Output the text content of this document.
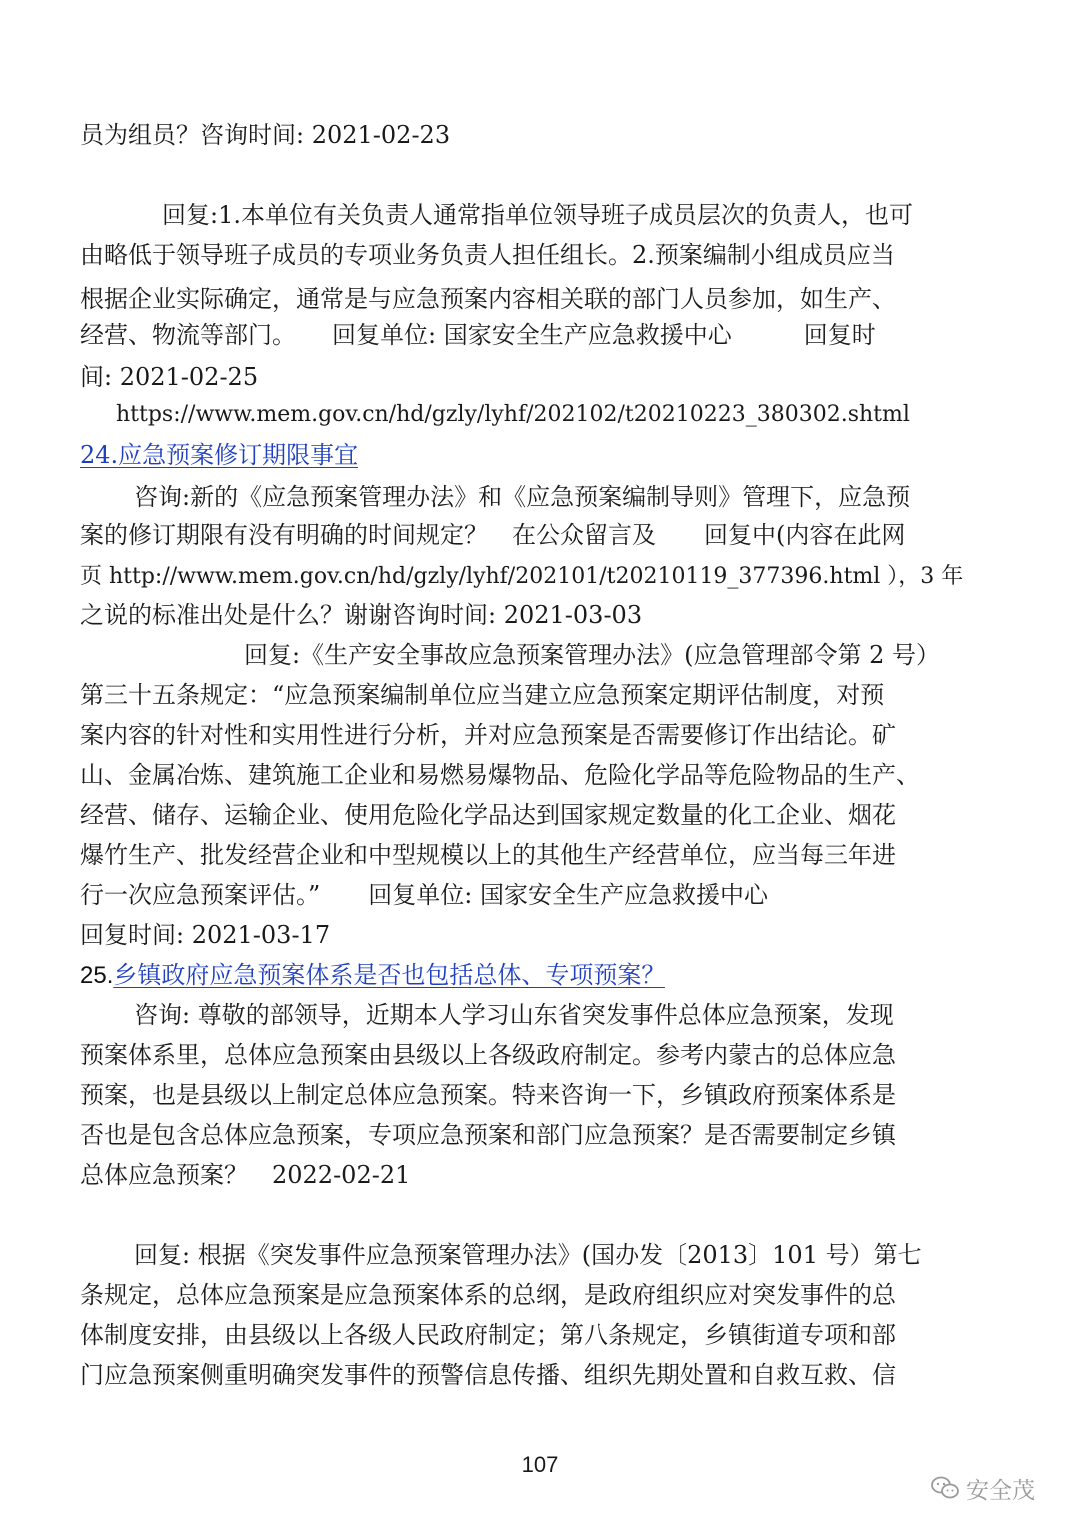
员为组员？咨询时间: 2021-02-23
回复:1.本单位有关负责人通常指单位领导班子成员层次的负责人，也可
由略低于领导班子成员的专项业务负责人担任组长。2.预案编制小组成员应当
根据企业实际确定，通常是与应急预案内容相关联的部门人员参加，如生产、
经营、物流等部门。　　回复单位: 国家安全生产应急救援中心　　　回复时
间: 2021-02-25
https://www.mem.gov.cn/hd/gzly/lyhf/202102/t20210223_380302.shtml
24.应急预案修订期限事宜
咨询:新的《应急预案管理办法》和《应急预案编制导则》管理下，应急预
案的修订期限有没有明确的时间规定？　在公众留言及　　回复中(内容在此网
页 http://www.mem.gov.cn/hd/gzly/lyhf/202101/t20210119_377396.html ），3 年
之说的标准出处是什么？谢谢咨询时间: 2021-03-03
回复:《生产安全事故应急预案管理办法》(应急管理部令第 2 号）
第三十五条规定：“应急预案编制单位应当建立应急预案定期评估制度，对预
案内容的针对性和实用性进行分析，并对应急预案是否需要修订作出结论。矿
山、金属冶炼、建筑施工企业和易燃易爆物品、危险化学品等危险物品的生产、
经营、储存、运输企业、使用危险化学品达到国家规定数量的化工企业、烟花
爆竹生产、批发经营企业和中型规模以上的其他生产经营单位，应当每三年进
行一次应急预案评估。”　　回复单位: 国家安全生产应急救援中心
回复时间: 2021-03-17
25.乡镇政府应急预案体系是否也包括总体、专项预案？
咨询: 尊敬的部领导，近期本人学习山东省突发事件总体应急预案，发现
预案体系里，总体应急预案由县级以上各级政府制定。参考内蒙古的总体应急
预案，也是县级以上制定总体应急预案。特来咨询一下，乡镇政府预案体系是
否也是包含总体应急预案，专项应急预案和部门应急预案？是否需要制定乡镇
总体应急预案？　2022-02-21
回复: 根据《突发事件应急预案管理办法》(国办发〔2013〕101 号）第七
条规定，总体应急预案是应急预案体系的总纲，是政府组织应对突发事件的总
体制度安排，由县级以上各级人民政府制定；第八条规定，乡镇街道专项和部
门应急预案侧重明确突发事件的预警信息传播、组织先期处置和自救互救、信
107
安全茂
